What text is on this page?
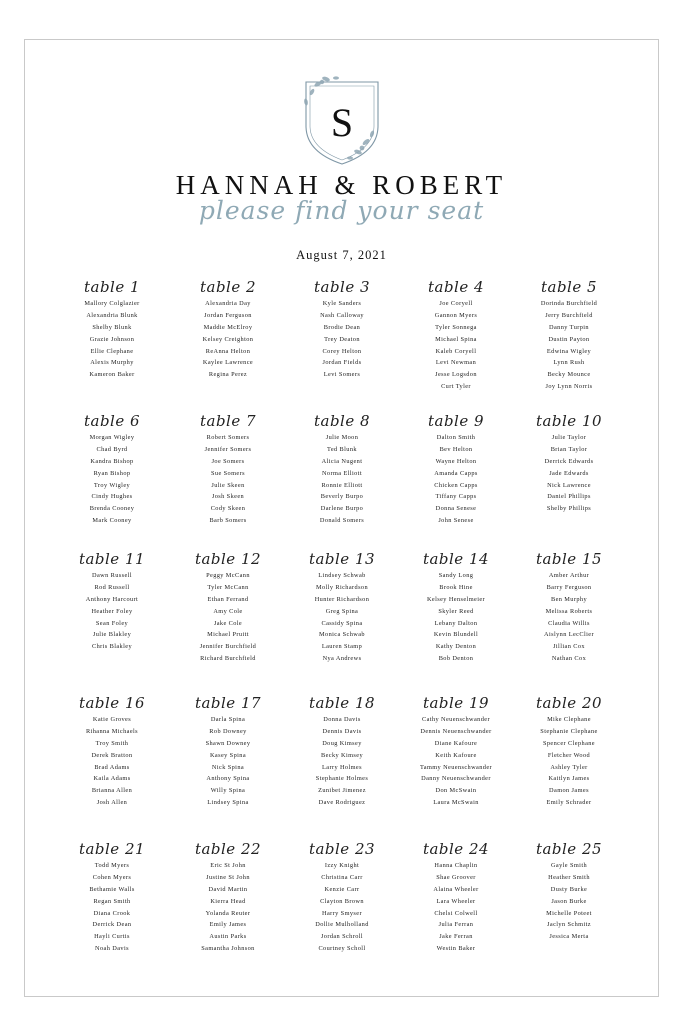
S
HANNAH & ROBERT
please find your seat
August 7, 2021
table 1
Mallory Colglazier
Alexandria Blunk
Shelby Blunk
Grazie Johnson
Ellie Clephane
Alexis Murphy
Kameron Baker
table 2
Alexandria Day
Jordan Ferguson
Maddie McElroy
Kelsey Creighton
ReAnna Helton
Kaylee Lawrence
Regina Perez
table 3
Kyle Sanders
Nash Calloway
Brodie Dean
Trey Deaton
Corey Helton
Jordan Fields
Levi Somers
table 4
Joe Coryell
Gannon Myers
Tyler Sonnega
Michael Spina
Kaleb Coryell
Levi Newman
Jesse Logsdon
Curt Tyler
table 5
Dorinda Burchfield
Jerry Burchfield
Danny Turpin
Dustin Payton
Edwina Wigley
Lynn Rush
Becky Mounce
Joy Lynn Norris
table 6
Morgan Wigley
Chad Byrd
Kandra Bishop
Ryan Bishop
Troy Wigley
Cindy Hughes
Brenda Cooney
Mark Cooney
table 7
Robert Somers
Jennifer Somers
Joe Somers
Sue Somers
Julie Skeen
Josh Skeen
Cody Skeen
Barb Somers
table 8
Julie Moon
Ted Blunk
Alicia Nugent
Norma Elliott
Ronnie Elliott
Beverly Burpo
Darlene Burpo
Donald Somers
table 9
Dalton Smith
Bev Helton
Wayne Helton
Amanda Capps
Chicken Capps
Tiffany Capps
Donna Senese
John Senese
table 10
Julie Taylor
Brian Taylor
Derrick Edwards
Jade Edwards
Nick Lawrence
Daniel Phillips
Shelby Phillips
table 11
Dawn Russell
Rod Russell
Anthony Harcourt
Heather Foley
Sean Foley
Julie Blakley
Chris Blakley
table 12
Peggy McCann
Tyler McCann
Ethan Ferrand
Amy Cole
Jake Cole
Michael Pruitt
Jennifer Burchfield
Richard Burchfield
table 13
Lindsey Schwab
Molly Richardson
Hunter Richardson
Greg Spina
Cassidy Spina
Monica Schwab
Lauren Stamp
Nya Andrews
table 14
Sandy Long
Brook Hine
Kelsey Henselmeier
Skyler Reed
Lebany Dalton
Kevin Blundell
Kathy Denton
Bob Denton
table 15
Amber Arthur
Barry Ferguson
Ben Murphy
Melissa Roberts
Claudia Willis
Aislynn LecClier
Jillian Cox
Nathan Cox
table 16
Katie Groves
Rihanna Michaels
Troy Smith
Derek Bratton
Brad Adams
Kaila Adams
Brianna Allen
Josh Allen
table 17
Darla Spina
Rob Downey
Shawn Downey
Kasey Spina
Nick Spina
Anthony Spina
Willy Spina
Lindsey Spina
table 18
Donna Davis
Dennis Davis
Doug Kimsey
Becky Kimsey
Larry Holmes
Stephanie Holmes
Zunibet Jimenez
Dave Rodriguez
table 19
Cathy Neuenschwander
Dennis Neuenschwander
Diane Kafoure
Keith Kafoure
Tammy Neuenschwander
Danny Neuenschwander
Don McSwain
Laura McSwain
table 20
Mike Clephane
Stephanie Clephane
Spencer Clephane
Fletcher Wood
Ashley Tyler
Kaitlyn James
Damon James
Emily Schrader
table 21
Todd Myers
Cohen Myers
Bethamie Walls
Regan Smith
Diana Crook
Derrick Dean
Hayli Curtis
Noah Davis
table 22
Eric St John
Justine St John
David Martin
Kierra Head
Yolanda Reuter
Emily James
Austin Parks
Samantha Johnson
table 23
Izzy Knight
Christina Carr
Kenzie Carr
Clayton Brown
Harry Smyser
Dollie Mulholland
Jordan Schroll
Courtney Scholl
table 24
Hanna Chaplin
Shae Groover
Alaina Wheeler
Lara Wheeler
Chelsi Colwell
Julia Ferran
Jake Ferran
Westin Baker
table 25
Gayle Smith
Heather Smith
Dusty Burke
Jason Burke
Michelle Poteet
Jaclyn Schmitz
Jessica Merta
